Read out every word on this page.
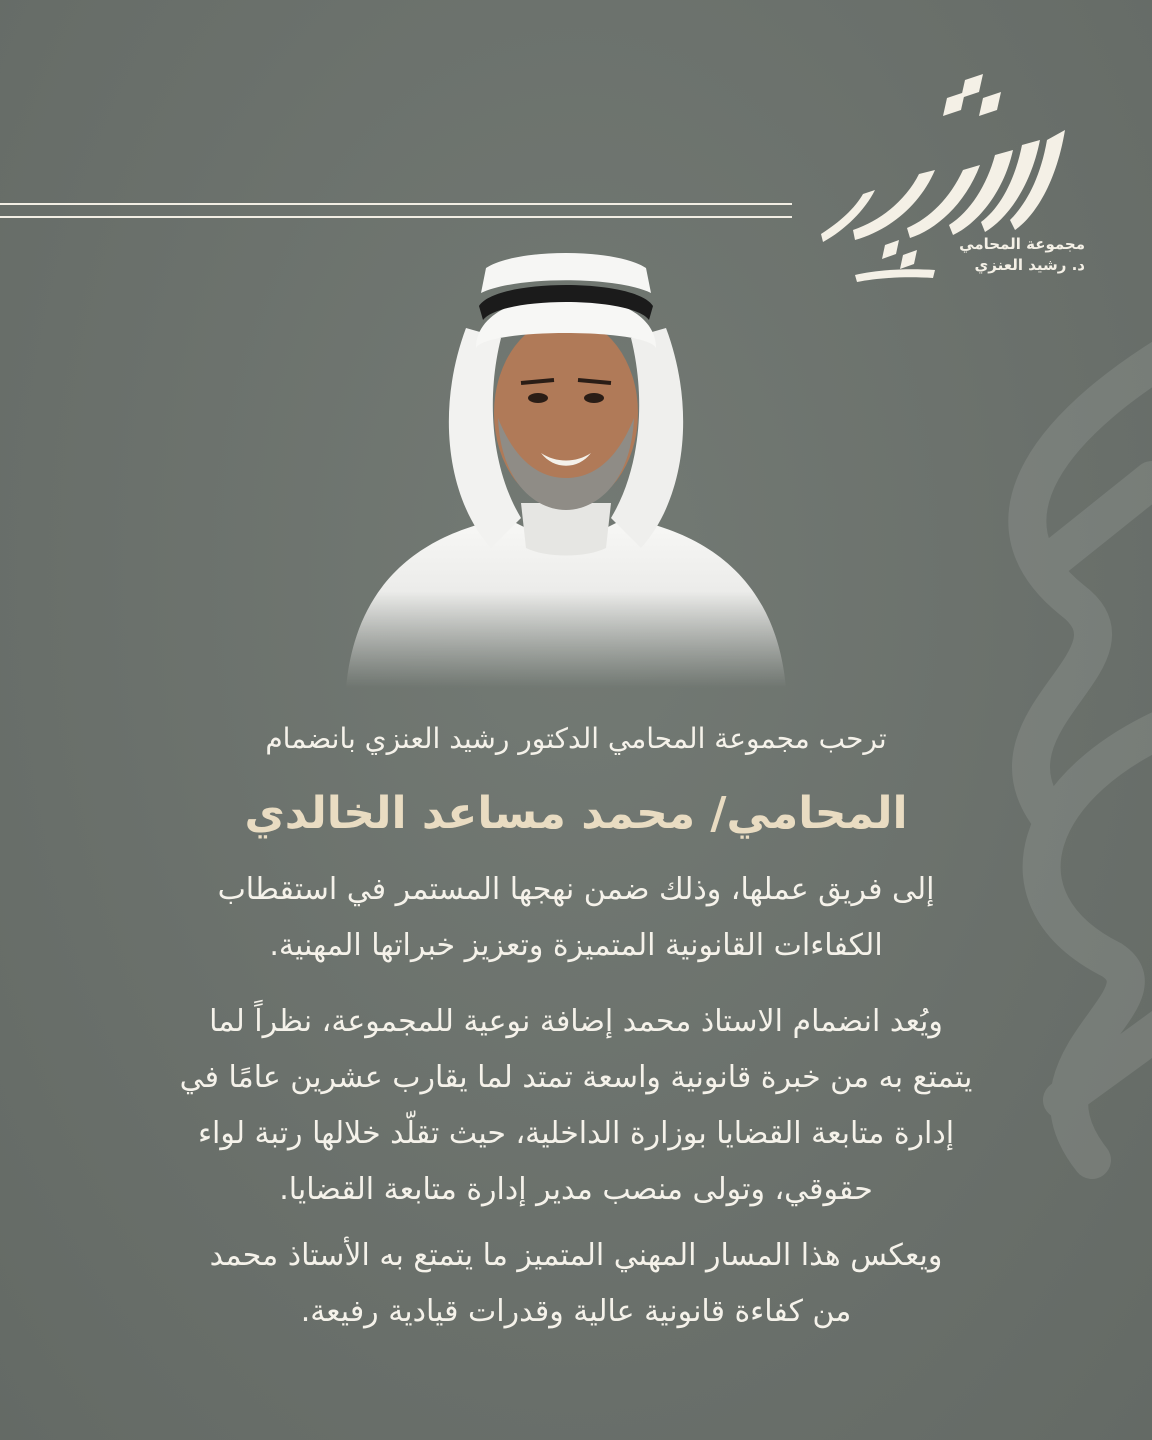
مجموعة المحامي
د. رشيد العنزي
ترحب مجموعة المحامي الدكتور رشيد العنزي بانضمام
المحامي/ محمد مساعد الخالدي
إلى فريق عملها، وذلك ضمن نهجها المستمر في استقطاب
الكفاءات القانونية المتميزة وتعزيز خبراتها المهنية.
ويُعد انضمام الاستاذ محمد إضافة نوعية للمجموعة، نظراً لما
يتمتع به من خبرة قانونية واسعة تمتد لما يقارب عشرين عامًا في
إدارة متابعة القضايا بوزارة الداخلية، حيث تقلّد خلالها رتبة لواء
حقوقي، وتولى منصب مدير إدارة متابعة القضايا.
ويعكس هذا المسار المهني المتميز ما يتمتع به الأستاذ محمد
من كفاءة قانونية عالية وقدرات قيادية رفيعة.
